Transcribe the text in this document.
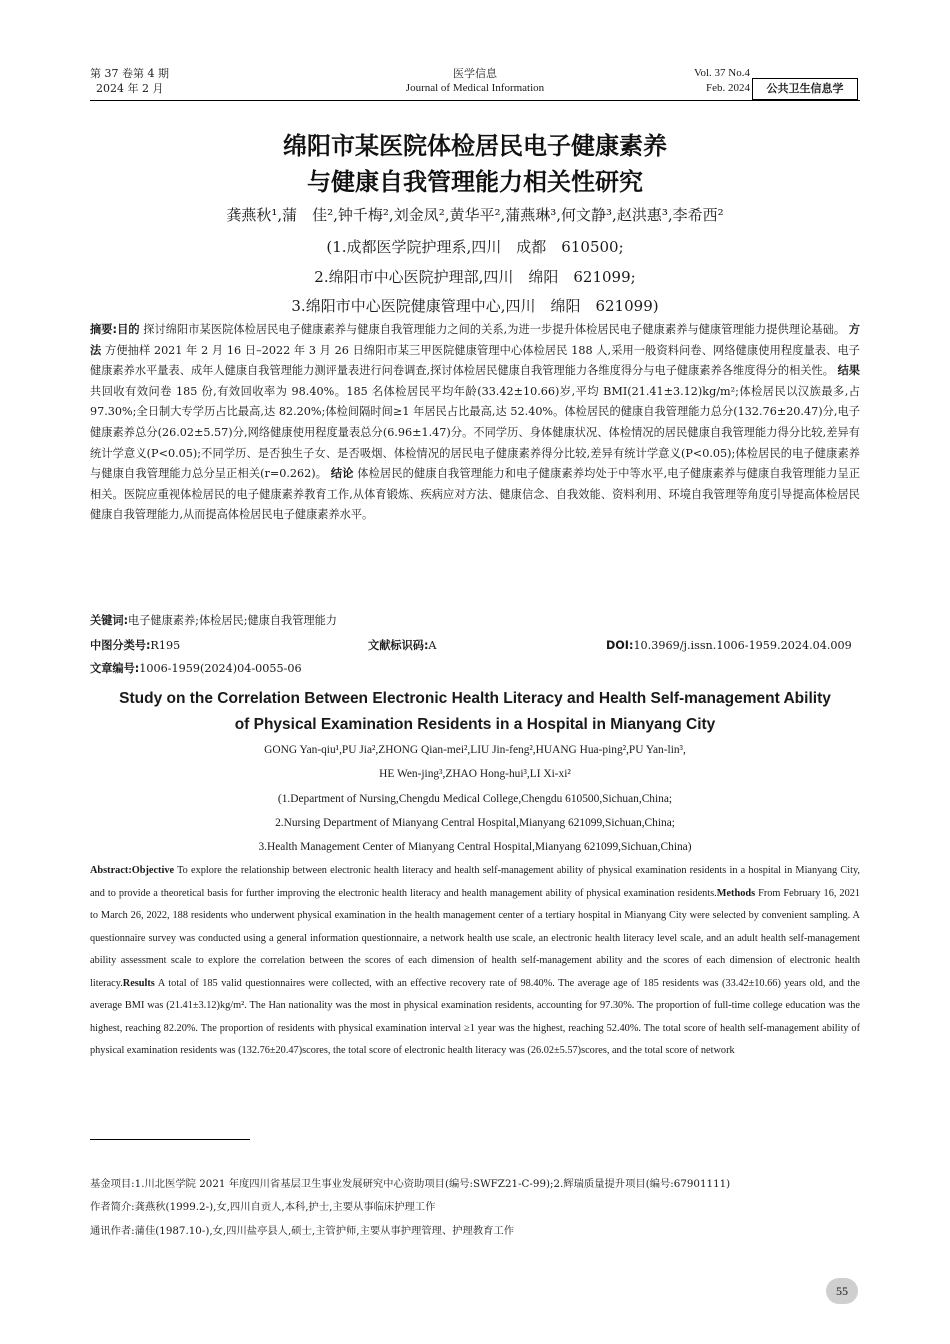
第 37 卷第 4 期
2024 年 2 月
医学信息
Journal of Medical Information
Vol. 37 No.4
Feb. 2024	公共卫生信息学
绵阳市某医院体检居民电子健康素养
与健康自我管理能力相关性研究
龚燕秋¹,蒲　佳²,钟千梅²,刘金凤²,黄华平²,蒲燕琳³,何文静³,赵洪惠³,李希西²
(1.成都医学院护理系,四川　成都　610500;
2.绵阳市中心医院护理部,四川　绵阳　621099;
3.绵阳市中心医院健康管理中心,四川　绵阳　621099)
摘要:目的 探讨绵阳市某医院体检居民电子健康素养与健康自我管理能力之间的关系,为进一步提升体检居民电子健康素养与健康管理能力提供理论基础。 方法 方便抽样 2021 年 2 月 16 日–2022 年 3 月 26 日绵阳市某三甲医院健康管理中心体检居民 188 人,采用一般资料问卷、网络健康使用程度量表、电子健康素养水平量表、成年人健康自我管理能力测评量表进行问卷调查,探讨体检居民健康自我管理能力各维度得分与电子健康素养各维度得分的相关性。 结果 共回收有效问卷 185 份,有效回收率为 98.40%。185 名体检居民平均年龄(33.42±10.66)岁,平均 BMI(21.41±3.12)kg/m²;体检居民以汉族最多,占 97.30%;全日制大专学历占比最高,达 82.20%;体检间隔时间≥1 年居民占比最高,达 52.40%。体检居民的健康自我管理能力总分(132.76±20.47)分,电子健康素养总分(26.02±5.57)分,网络健康使用程度量表总分(6.96±1.47)分。不同学历、身体健康状况、体检情况的居民健康自我管理能力得分比较,差异有统计学意义(P<0.05);不同学历、是否独生子女、是否吸烟、体检情况的居民电子健康素养得分比较,差异有统计学意义(P<0.05);体检居民的电子健康素养与健康自我管理能力总分呈正相关(r=0.262)。 结论 体检居民的健康自我管理能力和电子健康素养均处于中等水平,电子健康素养与健康自我管理能力呈正相关。医院应重视体检居民的电子健康素养教育工作,从体育锻炼、疾病应对方法、健康信念、自我效能、资料利用、环境自我管理等角度引导提高体检居民健康自我管理能力,从而提高体检居民电子健康素养水平。
关键词:电子健康素养;体检居民;健康自我管理能力
中图分类号:R195	文献标识码:A	DOI:10.3969/j.issn.1006-1959.2024.04.009
文章编号:1006-1959(2024)04-0055-06
Study on the Correlation Between Electronic Health Literacy and Health Self-management Ability
of Physical Examination Residents in a Hospital in Mianyang City
GONG Yan-qiu¹,PU Jia²,ZHONG Qian-mei²,LIU Jin-feng²,HUANG Hua-ping²,PU Yan-lin³,
HE Wen-jing³,ZHAO Hong-hui³,LI Xi-xi²
(1.Department of Nursing,Chengdu Medical College,Chengdu 610500,Sichuan,China;
2.Nursing Department of Mianyang Central Hospital,Mianyang 621099,Sichuan,China;
3.Health Management Center of Mianyang Central Hospital,Mianyang 621099,Sichuan,China)
Abstract:Objective To explore the relationship between electronic health literacy and health self-management ability of physical examination residents in a hospital in Mianyang City, and to provide a theoretical basis for further improving the electronic health literacy and health management ability of physical examination residents.Methods From February 16, 2021 to March 26, 2022, 188 residents who underwent physical examination in the health management center of a tertiary hospital in Mianyang City were selected by convenient sampling. A questionnaire survey was conducted using a general information questionnaire, a network health use scale, an electronic health literacy level scale, and an adult health self-management ability assessment scale to explore the correlation between the scores of each dimension of health self-management ability and the scores of each dimension of electronic health literacy.Results A total of 185 valid questionnaires were collected, with an effective recovery rate of 98.40%. The average age of 185 residents was (33.42±10.66) years old, and the average BMI was (21.41±3.12)kg/m². The Han nationality was the most in physical examination residents, accounting for 97.30%. The proportion of full-time college education was the highest, reaching 82.20%. The proportion of residents with physical examination interval ≥1 year was the highest, reaching 52.40%. The total score of health self-management ability of physical examination residents was (132.76±20.47)scores, the total score of electronic health literacy was (26.02±5.57)scores, and the total score of network
基金项目:1.川北医学院 2021 年度四川省基层卫生事业发展研究中心资助项目(编号:SWFZ21-C-99);2.辉瑞质量提升项目(编号:67901111)
作者简介:龚燕秋(1999.2-),女,四川自贡人,本科,护士,主要从事临床护理工作
通讯作者:蒲佳(1987.10-),女,四川盐亭县人,硕士,主管护师,主要从事护理管理、护理教育工作
55
